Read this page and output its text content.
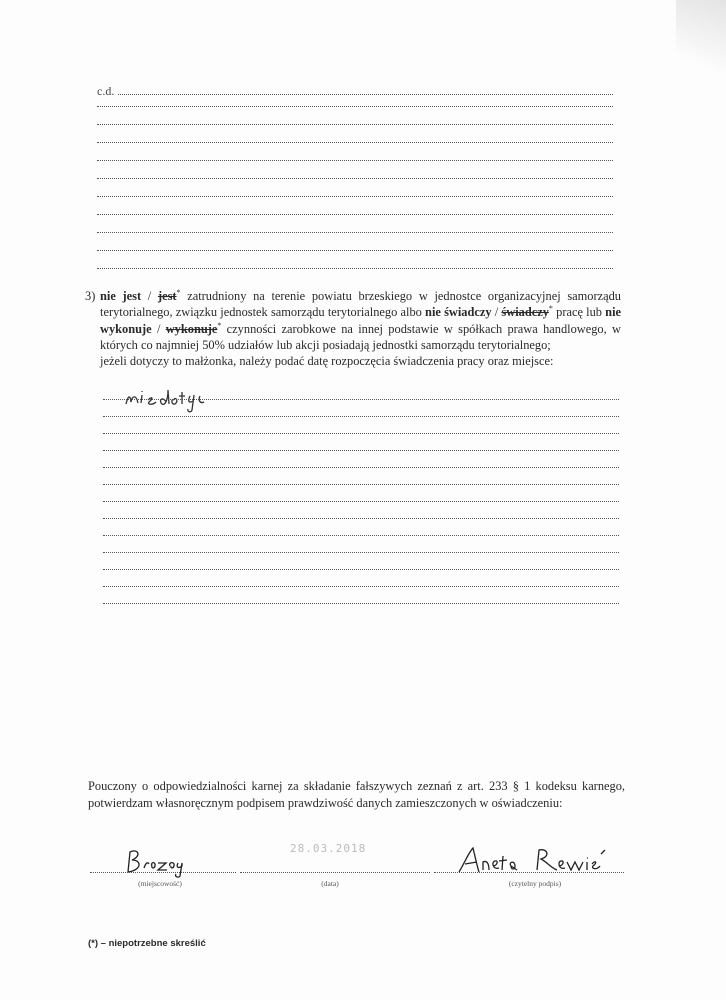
c.d.
3) nie jest / jest* zatrudniony na terenie powiatu brzeskiego w jednostce organizacyjnej samorządu terytorialnego, związku jednostek samorządu terytorialnego albo nie świadczy / świadczy* pracę lub nie wykonuje / wykonuje* czynności zarobkowe na innej podstawie w spółkach prawa handlowego, w których co najmniej 50% udziałów lub akcji posiadają jednostki samorządu terytorialnego;
jeżeli dotyczy to małżonka, należy podać datę rozpoczęcia świadczenia pracy oraz miejsce:
Pouczony o odpowiedzialności karnej za składanie fałszywych zeznań z art. 233 § 1 kodeksu karnego, potwierdzam własnoręcznym podpisem prawdziwość danych zamieszczonych w oświadczeniu:
28.03.2018
(miejscowość)	(data)	(czytelny podpis)
(*) – niepotrzebne skreślić
